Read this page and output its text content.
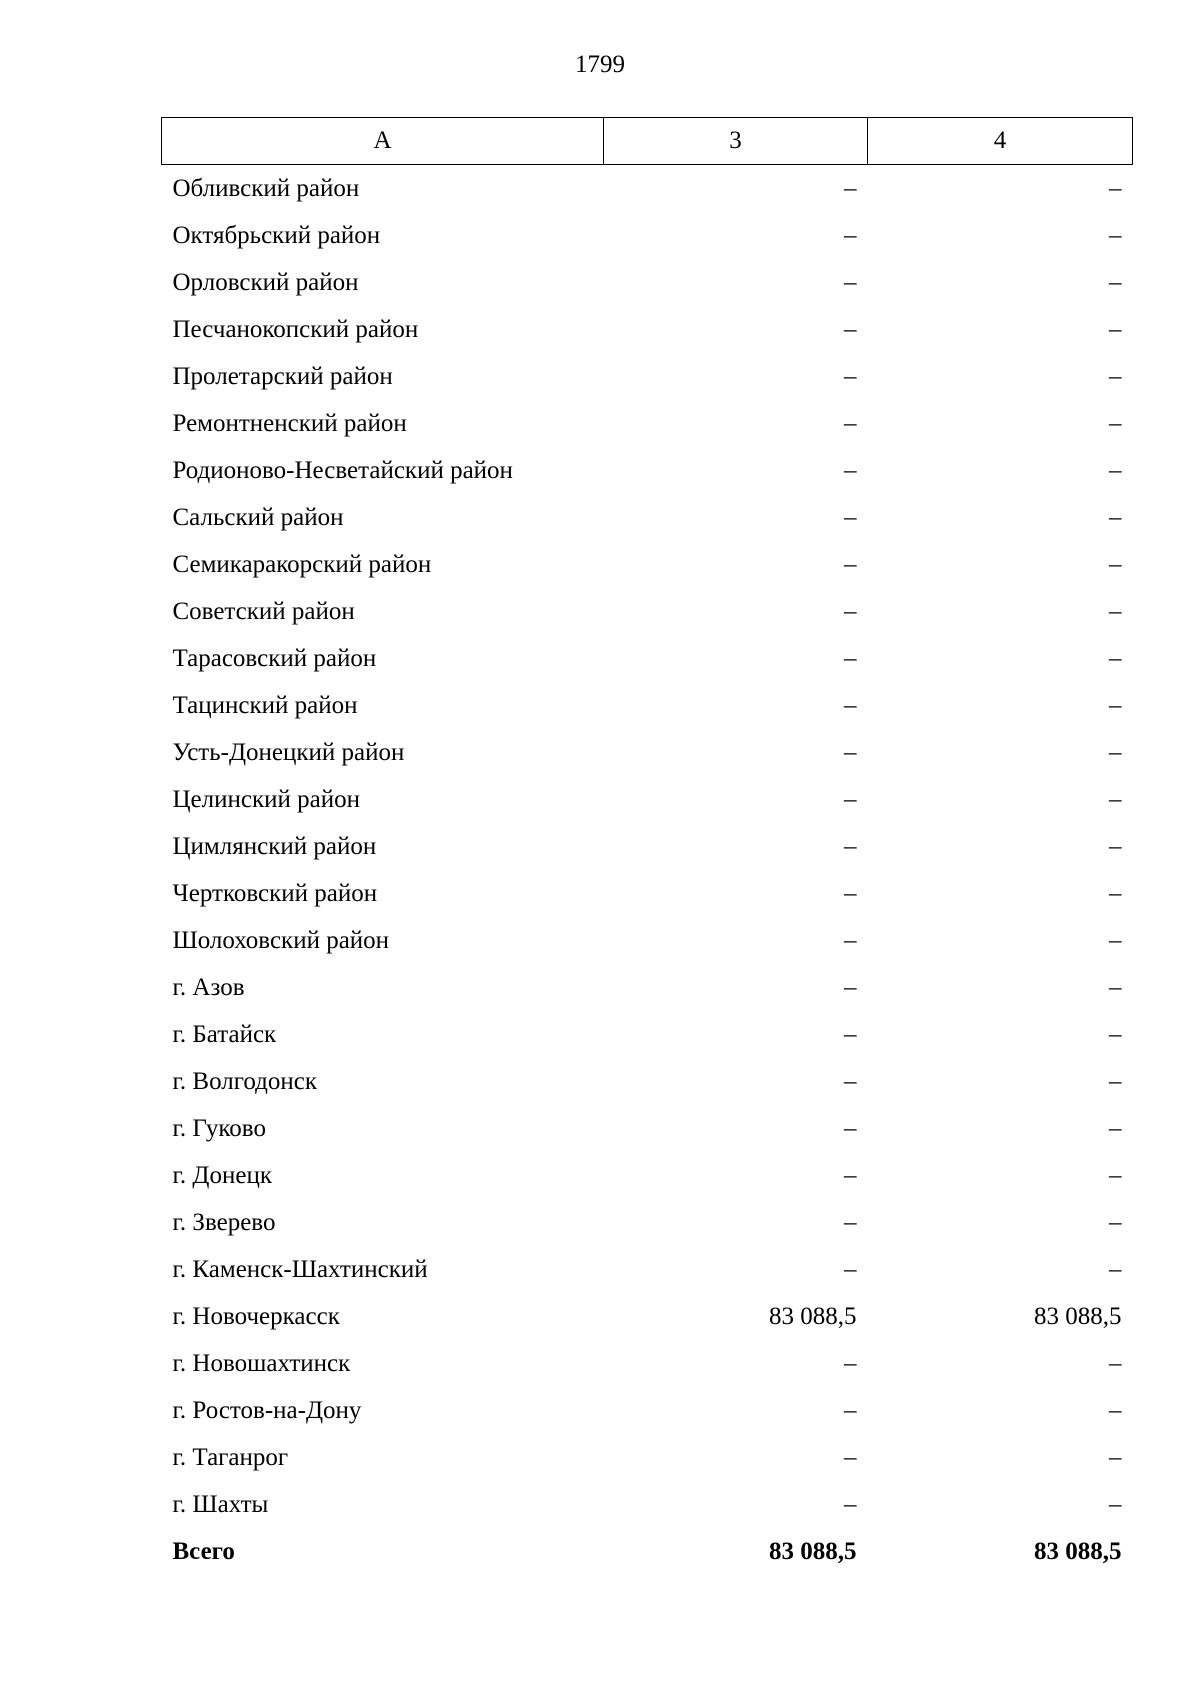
1799
А	3	4
Обливский район	–	–
Октябрьский район	–	–
Орловский район	–	–
Песчанокопский район	–	–
Пролетарский район	–	–
Ремонтненский район	–	–
Родионово-Несветайский район	–	–
Сальский район	–	–
Семикаракорский район	–	–
Советский район	–	–
Тарасовский район	–	–
Тацинский район	–	–
Усть-Донецкий район	–	–
Целинский район	–	–
Цимлянский район	–	–
Чертковский район	–	–
Шолоховский район	–	–
г. Азов	–	–
г. Батайск	–	–
г. Волгодонск	–	–
г. Гуково	–	–
г. Донецк	–	–
г. Зверево	–	–
г. Каменск-Шахтинский	–	–
г. Новочеркасск	83 088,5	83 088,5
г. Новошахтинск	–	–
г. Ростов-на-Дону	–	–
г. Таганрог	–	–
г. Шахты	–	–
Всего	83 088,5	83 088,5
